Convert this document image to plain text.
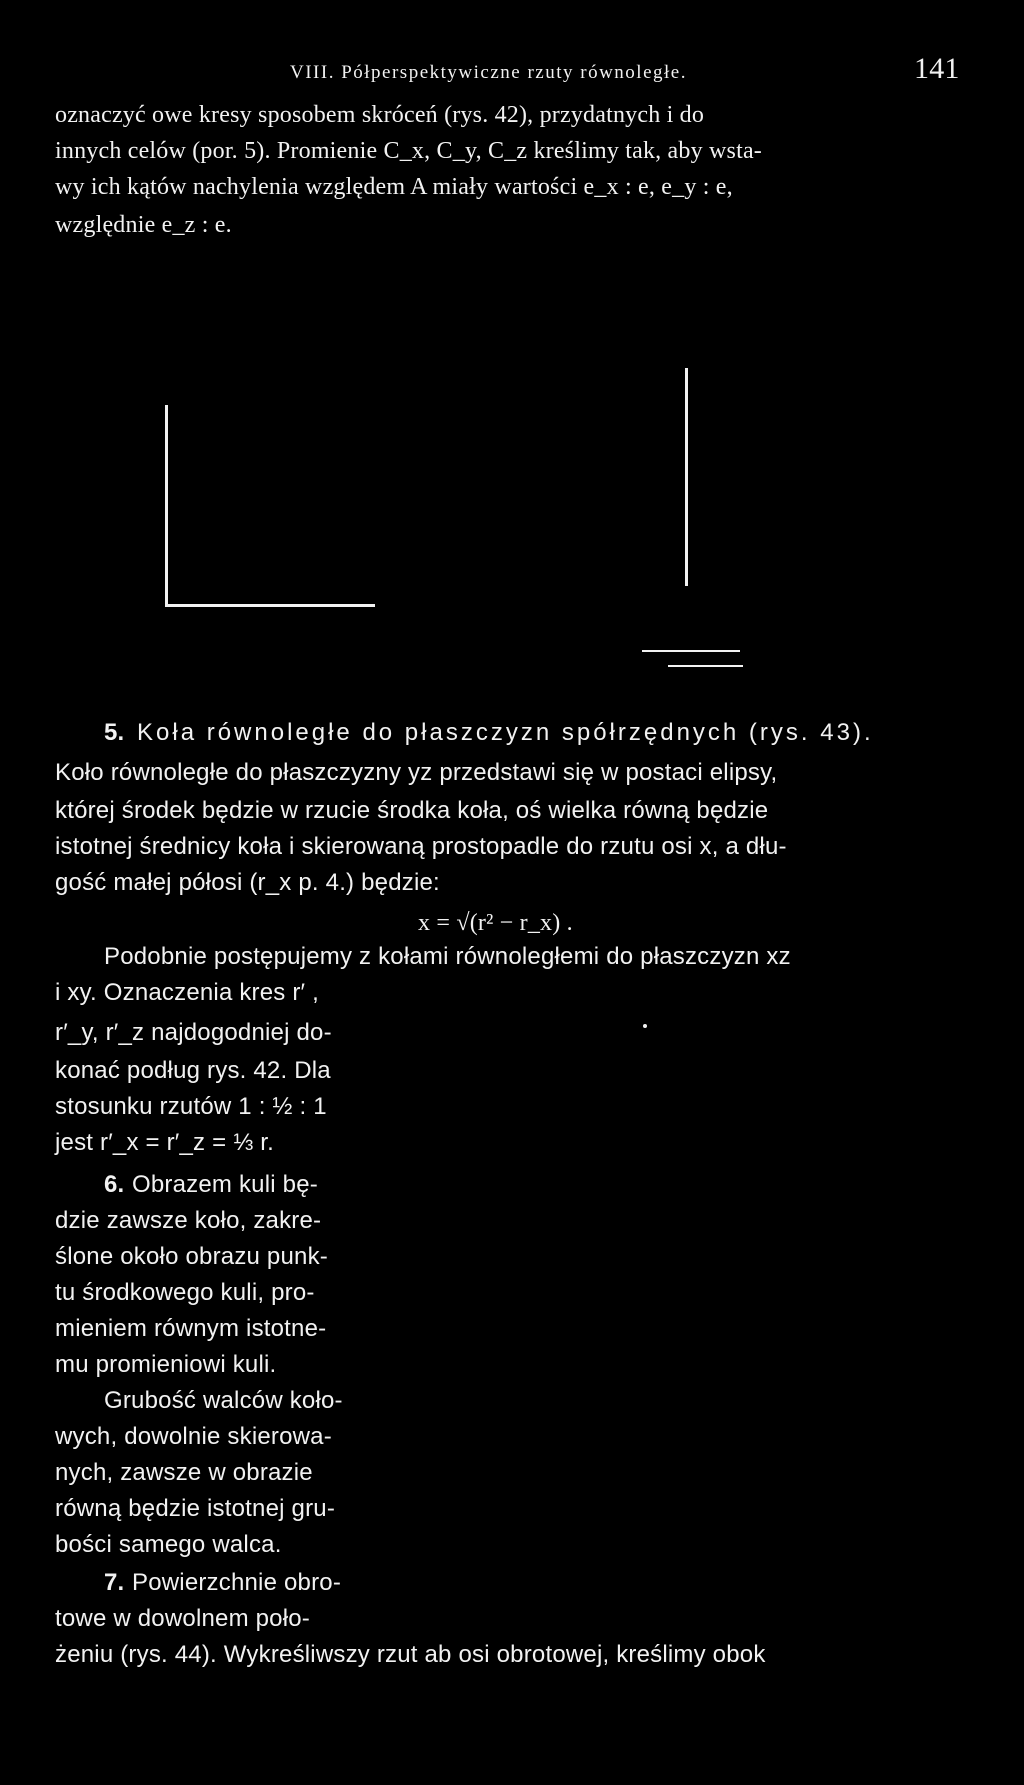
VIII. Półperspektywiczne rzuty równoległe.	141
oznaczyć owe kresy sposobem skróceń (rys. 42), przydatnych i do
innych celów (por. 5). Promienie C_x, C_y, C_z kreślimy tak, aby wsta-
wy ich kątów nachylenia względem A miały wartości e_x : e, e_y : e,
względnie e_z : e.
5. Koła równoległe do płaszczyzn spółrzędnych (rys. 43).
Koło równoległe do płaszczyzny yz przedstawi się w postaci elipsy,
której środek będzie w rzucie środka koła, oś wielka równą będzie
istotnej średnicy koła i skierowaną prostopadle do rzutu osi x, a dłu-
gość małej półosi (r_x p. 4.) będzie:
x = √(r² − r_x) .
Podobnie postępujemy z kołami równoległemi do płaszczyzn xz
i xy. Oznaczenia kres r′ ,
r′_y, r′_z najdogodniej do-
konać podług rys. 42. Dla
stosunku rzutów 1 : ½ : 1
jest r′_x = r′_z = ⅓ r.
6. Obrazem kuli bę-
dzie zawsze koło, zakre-
ślone około obrazu punk-
tu środkowego kuli, pro-
mieniem równym istotne-
mu promieniowi kuli.
Grubość walców koło-
wych, dowolnie skierowa-
nych, zawsze w obrazie
równą będzie istotnej gru-
bości samego walca.
7. Powierzchnie obro-
towe w dowolnem poło-
żeniu (rys. 44). Wykreśliwszy rzut ab osi obrotowej, kreślimy obok
